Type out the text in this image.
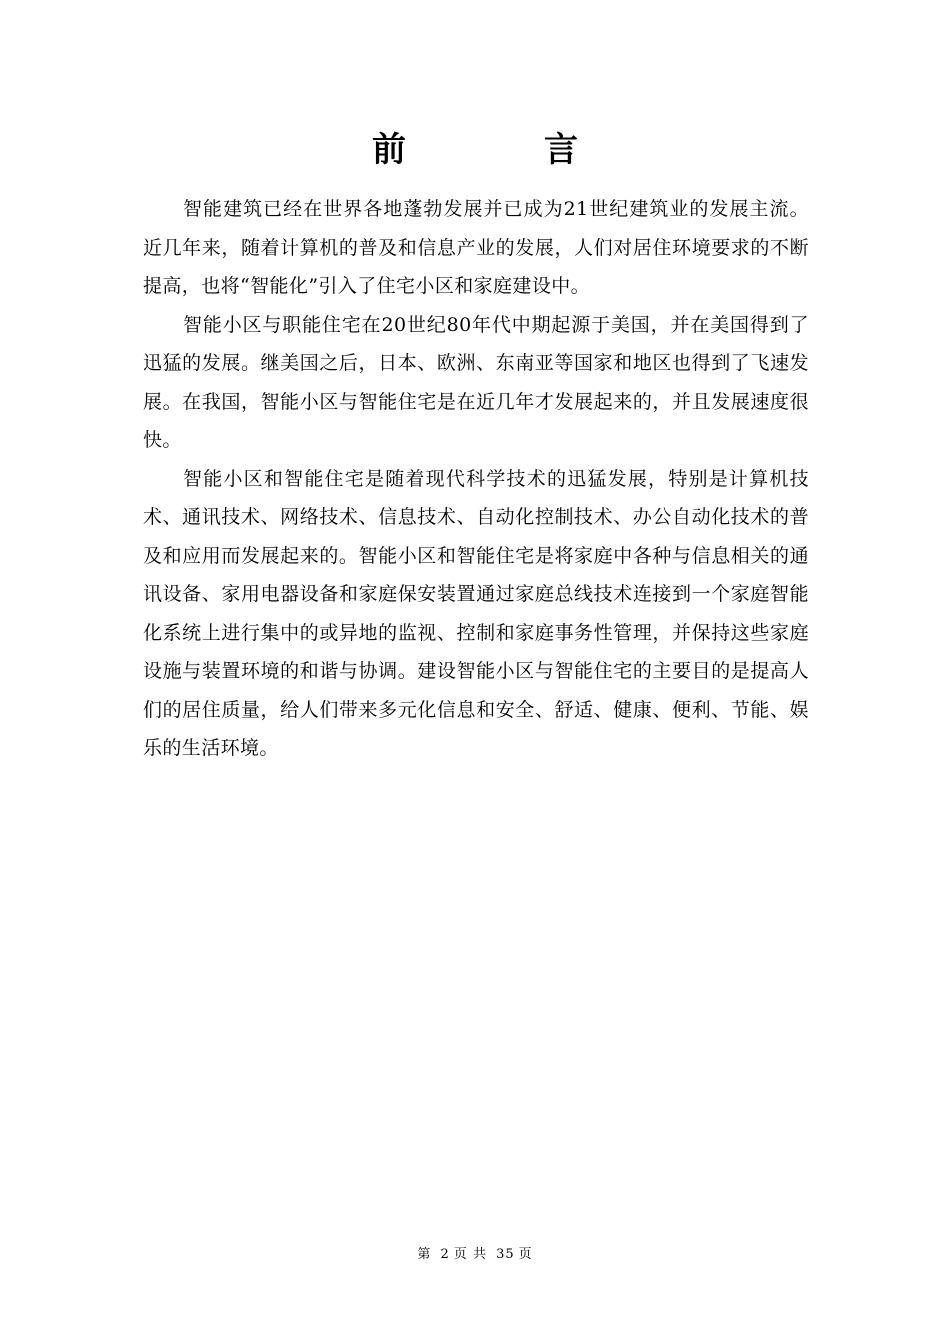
前　言

智能建筑已经在世界各地蓬勃发展并已成为21世纪建筑业的发展主流。近几年来，随着计算机的普及和信息产业的发展，人们对居住环境要求的不断提高，也将“智能化”引入了住宅小区和家庭建设中。

智能小区与职能住宅在20世纪80年代中期起源于美国，并在美国得到了迅猛的发展。继美国之后，日本、欧洲、东南亚等国家和地区也得到了飞速发展。在我国，智能小区与智能住宅是在近几年才发展起来的，并且发展速度很快。

智能小区和智能住宅是随着现代科学技术的迅猛发展，特别是计算机技术、通讯技术、网络技术、信息技术、自动化控制技术、办公自动化技术的普及和应用而发展起来的。智能小区和智能住宅是将家庭中各种与信息相关的通讯设备、家用电器设备和家庭保安装置通过家庭总线技术连接到一个家庭智能化系统上进行集中的或异地的监视、控制和家庭事务性管理，并保持这些家庭设施与装置环境的和谐与协调。建设智能小区与智能住宅的主要目的是提高人们的居住质量，给人们带来多元化信息和安全、舒适、健康、便利、节能、娱乐的生活环境。

第 2 页 共 35 页
